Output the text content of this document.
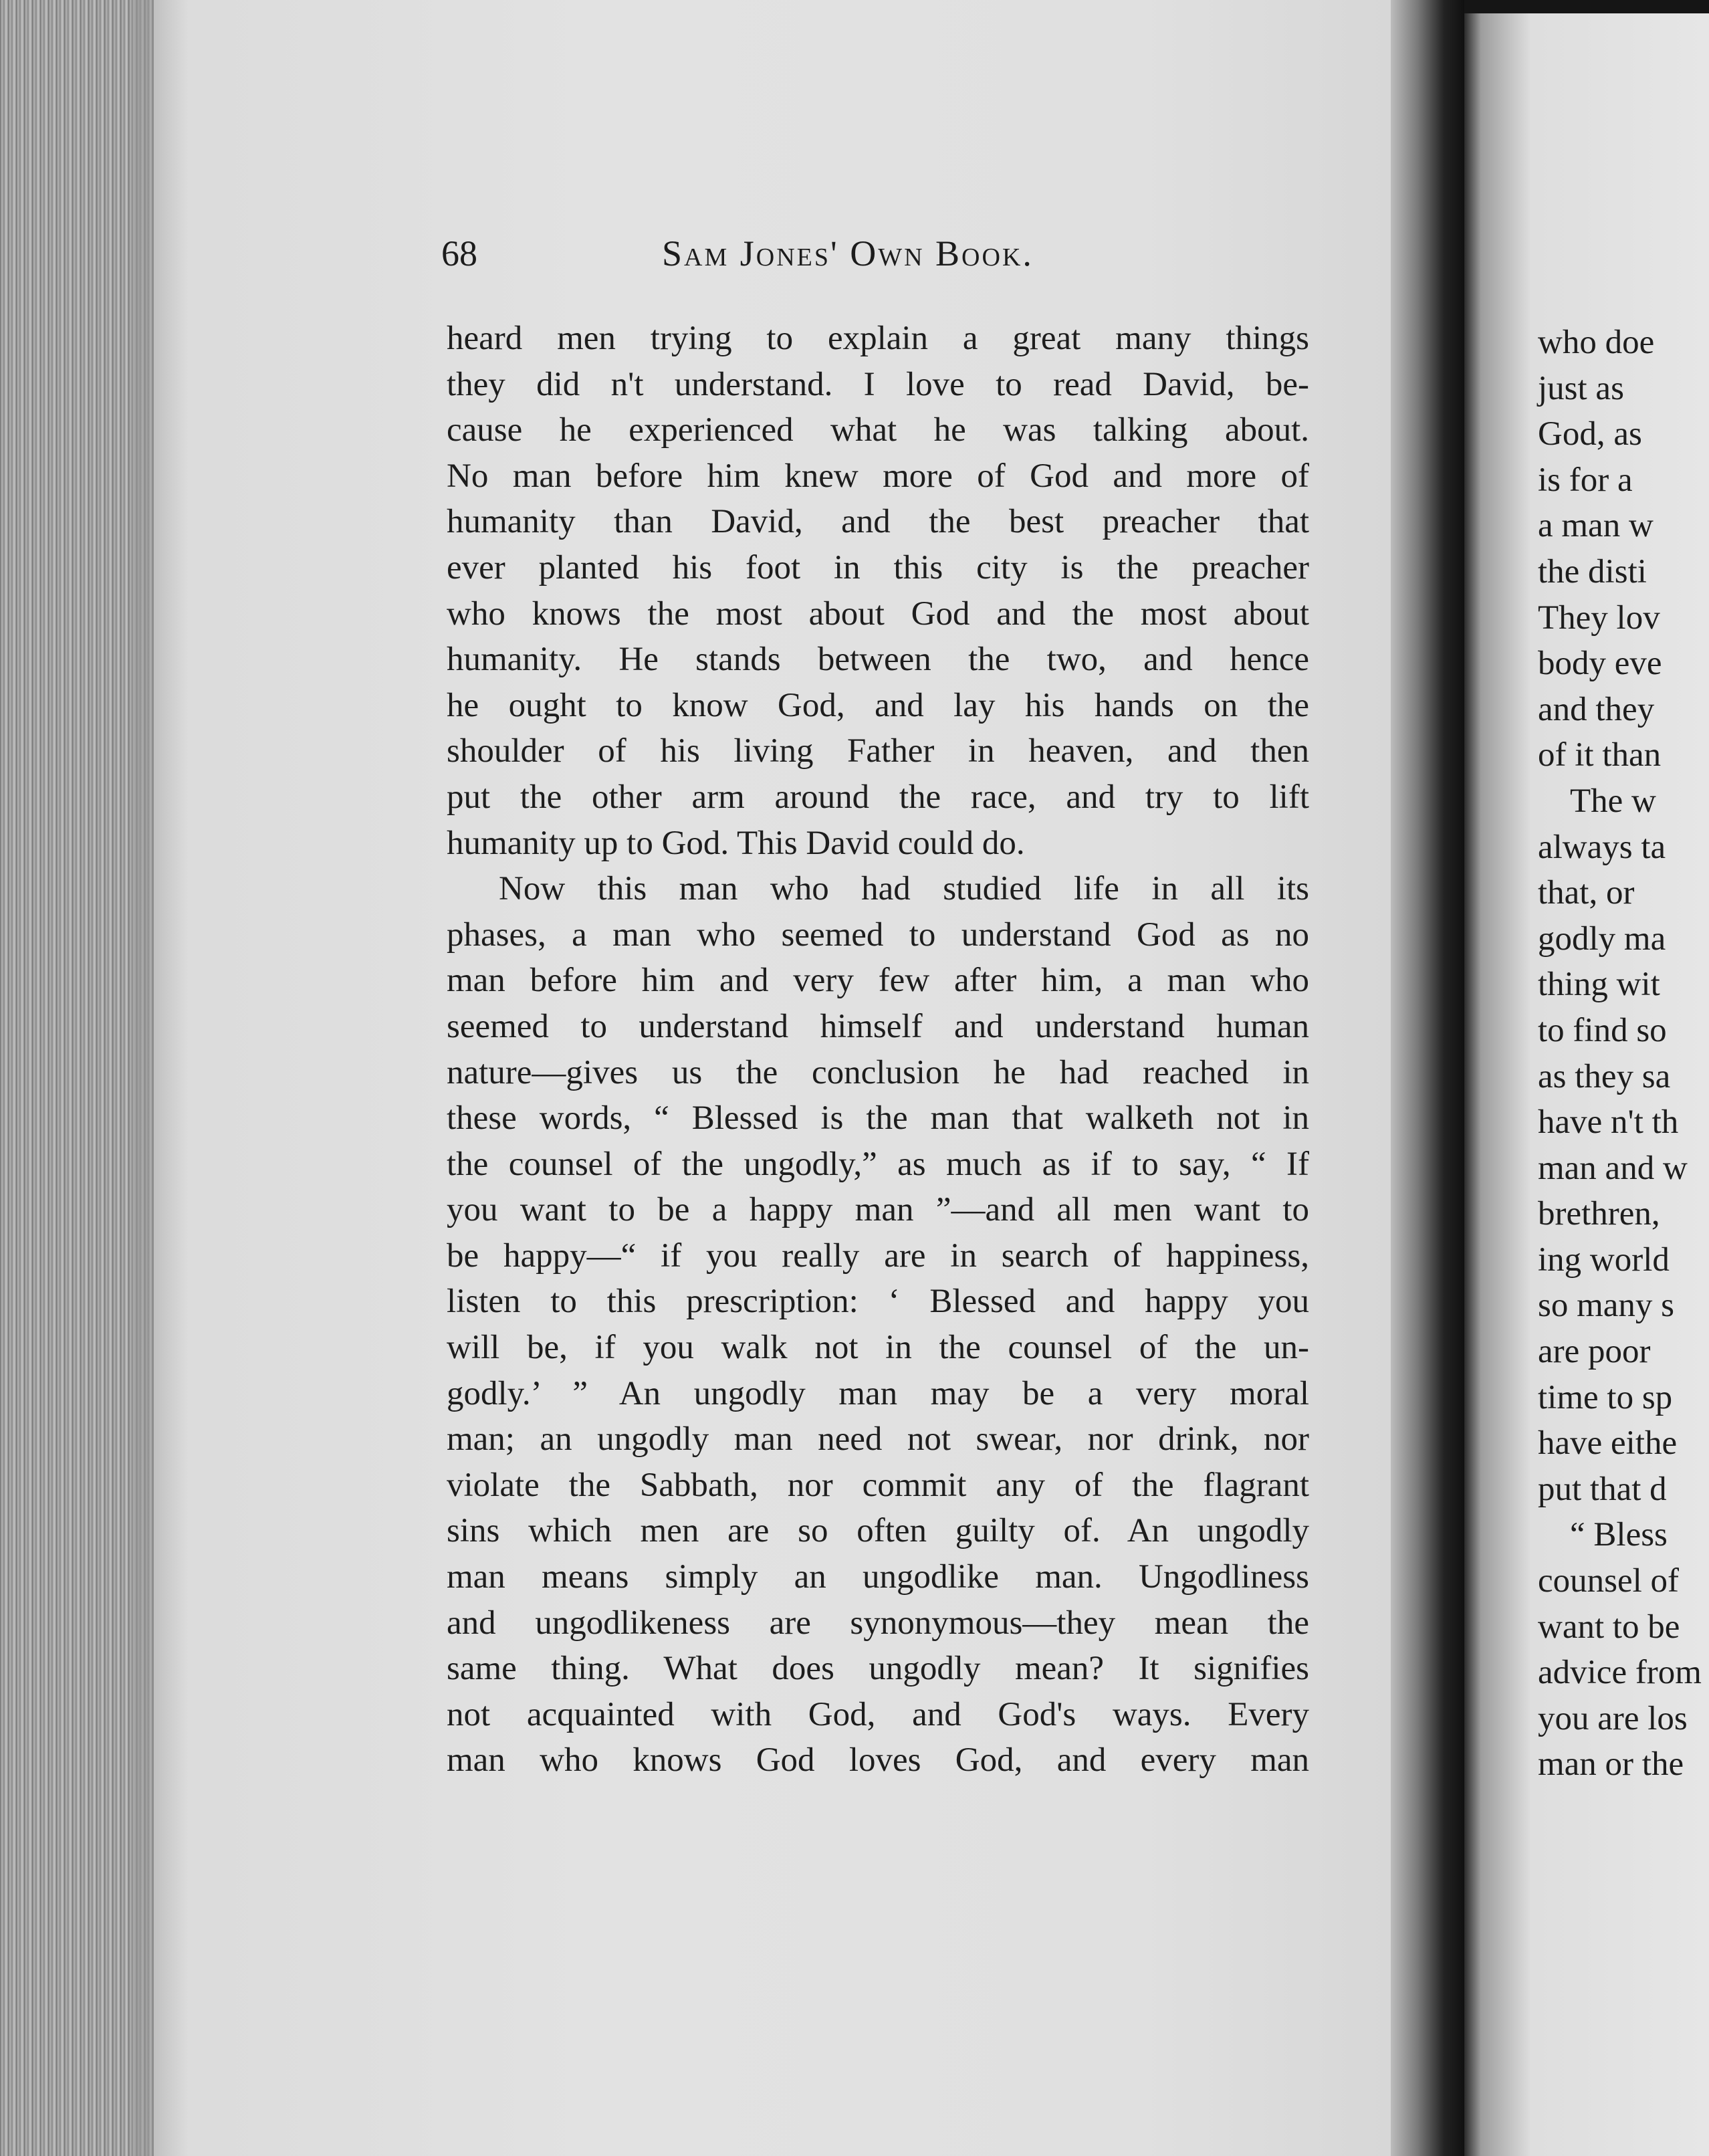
68	Sam Jones' Own Book.
heard men trying to explain a great many things
they did n't understand. I love to read David, be-
cause he experienced what he was talking about.
No man before him knew more of God and more of
humanity than David, and the best preacher that
ever planted his foot in this city is the preacher
who knows the most about God and the most about
humanity. He stands between the two, and hence
he ought to know God, and lay his hands on the
shoulder of his living Father in heaven, and then
put the other arm around the race, and try to lift
humanity up to God. This David could do.
Now this man who had studied life in all its
phases, a man who seemed to understand God as no
man before him and very few after him, a man who
seemed to understand himself and understand human
nature—gives us the conclusion he had reached in
these words, “ Blessed is the man that walketh not in
the counsel of the ungodly,” as much as if to say, “ If
you want to be a happy man ”—and all men want to
be happy—“ if you really are in search of happiness,
listen to this prescription: ‘ Blessed and happy you
will be, if you walk not in the counsel of the un-
godly.’ ” An ungodly man may be a very moral
man; an ungodly man need not swear, nor drink, nor
violate the Sabbath, nor commit any of the flagrant
sins which men are so often guilty of. An ungodly
man means simply an ungodlike man. Ungodliness
and ungodlikeness are synonymous—they mean the
same thing. What does ungodly mean? It signifies
not acquainted with God, and God's ways. Every
man who knows God loves God, and every man
who doe
just as
God, as
is for a
a man w
the disti
They lov
body eve
and they
of it than
The w
always ta
that, or
godly ma
thing wit
to find so
as they sa
have n't th
man and w
brethren,
ing world
so many s
are poor
time to sp
have eithe
put that d
“ Bless
counsel of
want to be
advice from
you are los
man or the
